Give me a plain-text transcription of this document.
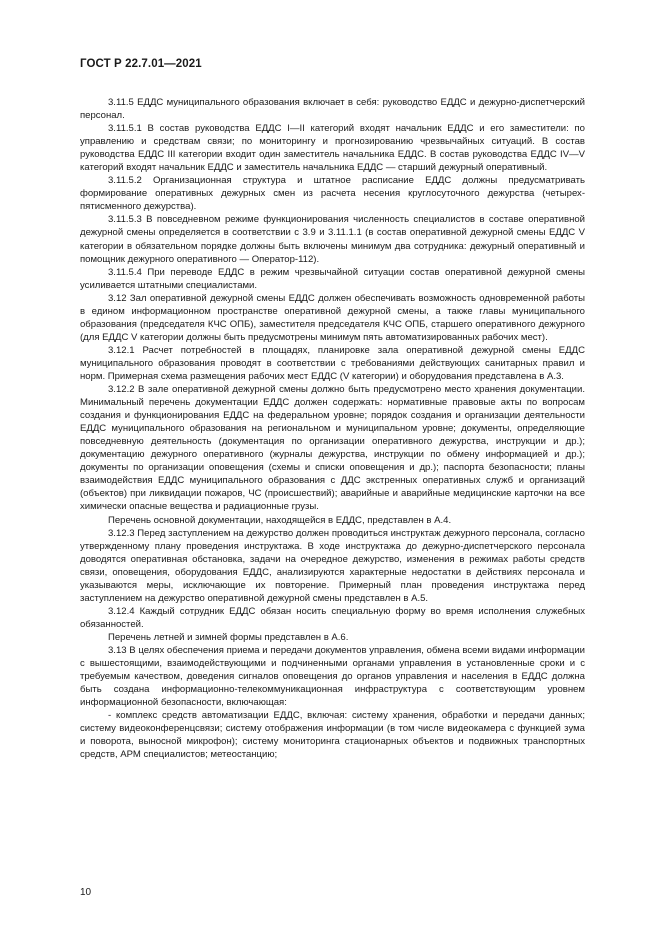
ГОСТ Р 22.7.01—2021

3.11.5 ЕДДС муниципального образования включает в себя: руководство ЕДДС и дежурно-диспетчерский персонал.

3.11.5.1 В состав руководства ЕДДС I—II категорий входят начальник ЕДДС и его заместители: по управлению и средствам связи; по мониторингу и прогнозированию чрезвычайных ситуаций. В состав руководства ЕДДС III категории входит один заместитель начальника ЕДДС. В состав руководства ЕДДС IV—V категорий входят начальник ЕДДС и заместитель начальника ЕДДС — старший дежурный оперативный.

3.11.5.2 Организационная структура и штатное расписание ЕДДС должны предусматривать формирование оперативных дежурных смен из расчета несения круглосуточного дежурства (четырех- пятисменного дежурства).

3.11.5.3 В повседневном режиме функционирования численность специалистов в составе оперативной дежурной смены определяется в соответствии с 3.9 и 3.11.1.1 (в состав оперативной дежурной смены ЕДДС V категории в обязательном порядке должны быть включены минимум два сотрудника: дежурный оперативный и помощник дежурного оперативного — Оператор-112).

3.11.5.4 При переводе ЕДДС в режим чрезвычайной ситуации состав оперативной дежурной смены усиливается штатными специалистами.

3.12 Зал оперативной дежурной смены ЕДДС должен обеспечивать возможность одновременной работы в едином информационном пространстве оперативной дежурной смены, а также главы муниципального образования (председателя КЧС ОПБ), заместителя председателя КЧС ОПБ, старшего оперативного дежурного (для ЕДДС V категории должны быть предусмотрены минимум пять автоматизированных рабочих мест).

3.12.1 Расчет потребностей в площадях, планировке зала оперативной дежурной смены ЕДДС муниципального образования проводят в соответствии с требованиями действующих санитарных правил и норм. Примерная схема размещения рабочих мест ЕДДС (V категории) и оборудования представлена в А.3.

3.12.2 В зале оперативной дежурной смены должно быть предусмотрено место хранения документации. Минимальный перечень документации ЕДДС должен содержать: нормативные правовые акты по вопросам создания и функционирования ЕДДС на федеральном уровне; порядок создания и организации деятельности ЕДДС муниципального образования на региональном и муниципальном уровне; документы, определяющие повседневную деятельность (документация по организации оперативного дежурства, инструкции и др.); документацию дежурного оперативного (журналы дежурства, инструкции по обмену информацией и др.); документы по организации оповещения (схемы и списки оповещения и др.); паспорта безопасности; планы взаимодействия ЕДДС муниципального образования с ДДС экстренных оперативных служб и организаций (объектов) при ликвидации пожаров, ЧС (происшествий); аварийные и аварийные медицинские карточки на все химически опасные вещества и радиационные грузы.

Перечень основной документации, находящейся в ЕДДС, представлен в А.4.

3.12.3 Перед заступлением на дежурство должен проводиться инструктаж дежурного персонала, согласно утвержденному плану проведения инструктажа. В ходе инструктажа до дежурно-диспетчерского персонала доводятся оперативная обстановка, задачи на очередное дежурство, изменения в режимах работы средств связи, оповещения, оборудования ЕДДС, анализируются характерные недостатки в действиях персонала и указываются меры, исключающие их повторение. Примерный план проведения инструктажа перед заступлением на дежурство оперативной дежурной смены представлен в А.5.

3.12.4 Каждый сотрудник ЕДДС обязан носить специальную форму во время исполнения служебных обязанностей.

Перечень летней и зимней формы представлен в А.6.

3.13 В целях обеспечения приема и передачи документов управления, обмена всеми видами информации с вышестоящими, взаимодействующими и подчиненными органами управления в установленные сроки и с требуемым качеством, доведения сигналов оповещения до органов управления и населения в ЕДДС должна быть создана информационно-телекоммуникационная инфраструктура с соответствующим уровнем информационной безопасности, включающая:

- комплекс средств автоматизации ЕДДС, включая: систему хранения, обработки и передачи данных; систему видеоконференцсвязи; систему отображения информации (в том числе видеокамера с функцией зума и поворота, выносной микрофон); систему мониторинга стационарных объектов и подвижных транспортных средств, АРМ специалистов; метеостанцию;

10
